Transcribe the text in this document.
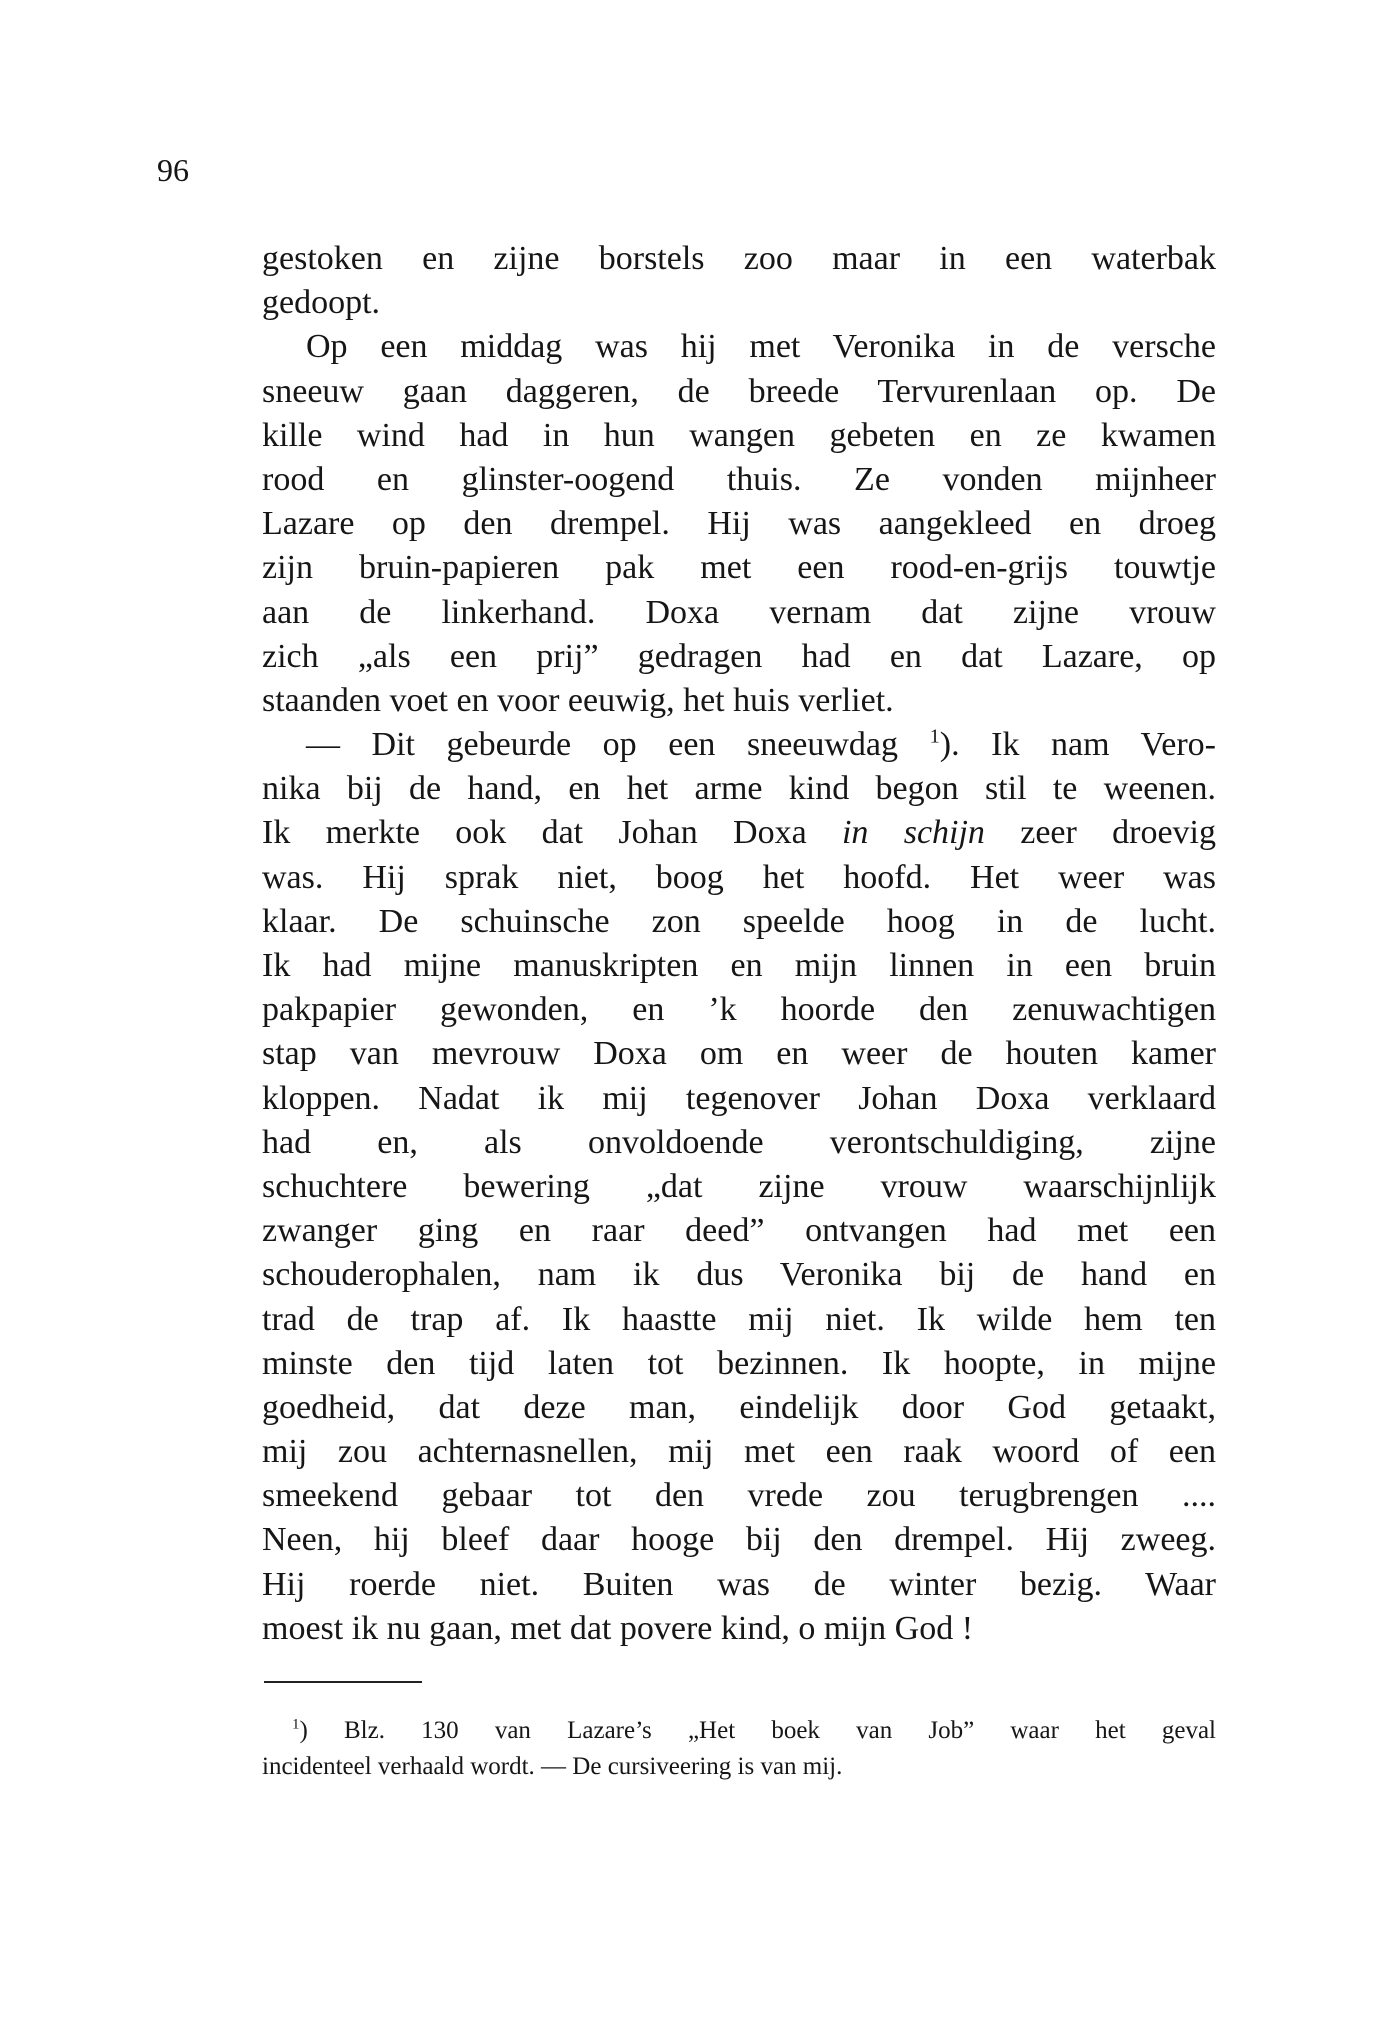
96
gestoken en zijne borstels zoo maar in een waterbak
gedoopt.
Op een middag was hij met Veronika in de versche
sneeuw gaan daggeren, de breede Tervurenlaan op. De
kille wind had in hun wangen gebeten en ze kwamen
rood en glinster-oogend thuis. Ze vonden mijnheer
Lazare op den drempel. Hij was aangekleed en droeg
zijn bruin-papieren pak met een rood-en-grijs touwtje
aan de linkerhand. Doxa vernam dat zijne vrouw
zich „als een prij” gedragen had en dat Lazare, op
staanden voet en voor eeuwig, het huis verliet.
— Dit gebeurde op een sneeuwdag $^1$). Ik nam Vero-
nika bij de hand, en het arme kind begon stil te weenen.
Ik merkte ook dat Johan Doxa in schijn zeer droevig
was. Hij sprak niet, boog het hoofd. Het weer was
klaar. De schuinsche zon speelde hoog in de lucht.
Ik had mijne manuskripten en mijn linnen in een bruin
pakpapier gewonden, en ’k hoorde den zenuwachtigen
stap van mevrouw Doxa om en weer de houten kamer
kloppen. Nadat ik mij tegenover Johan Doxa verklaard
had en, als onvoldoende verontschuldiging, zijne
schuchtere bewering „dat zijne vrouw waarschijnlijk
zwanger ging en raar deed” ontvangen had met een
schouderophalen, nam ik dus Veronika bij de hand en
trad de trap af. Ik haastte mij niet. Ik wilde hem ten
minste den tijd laten tot bezinnen. Ik hoopte, in mijne
goedheid, dat deze man, eindelijk door God getaakt,
mij zou achternasnellen, mij met een raak woord of een
smeekend gebaar tot den vrede zou terugbrengen ....
Neen, hij bleef daar hooge bij den drempel. Hij zweeg.
Hij roerde niet. Buiten was de winter bezig. Waar
moest ik nu gaan, met dat povere kind, o mijn God !
$^1$) Blz. 130 van Lazare’s „Het boek van Job” waar het geval
incidenteel verhaald wordt. — De cursiveering is van mij.
